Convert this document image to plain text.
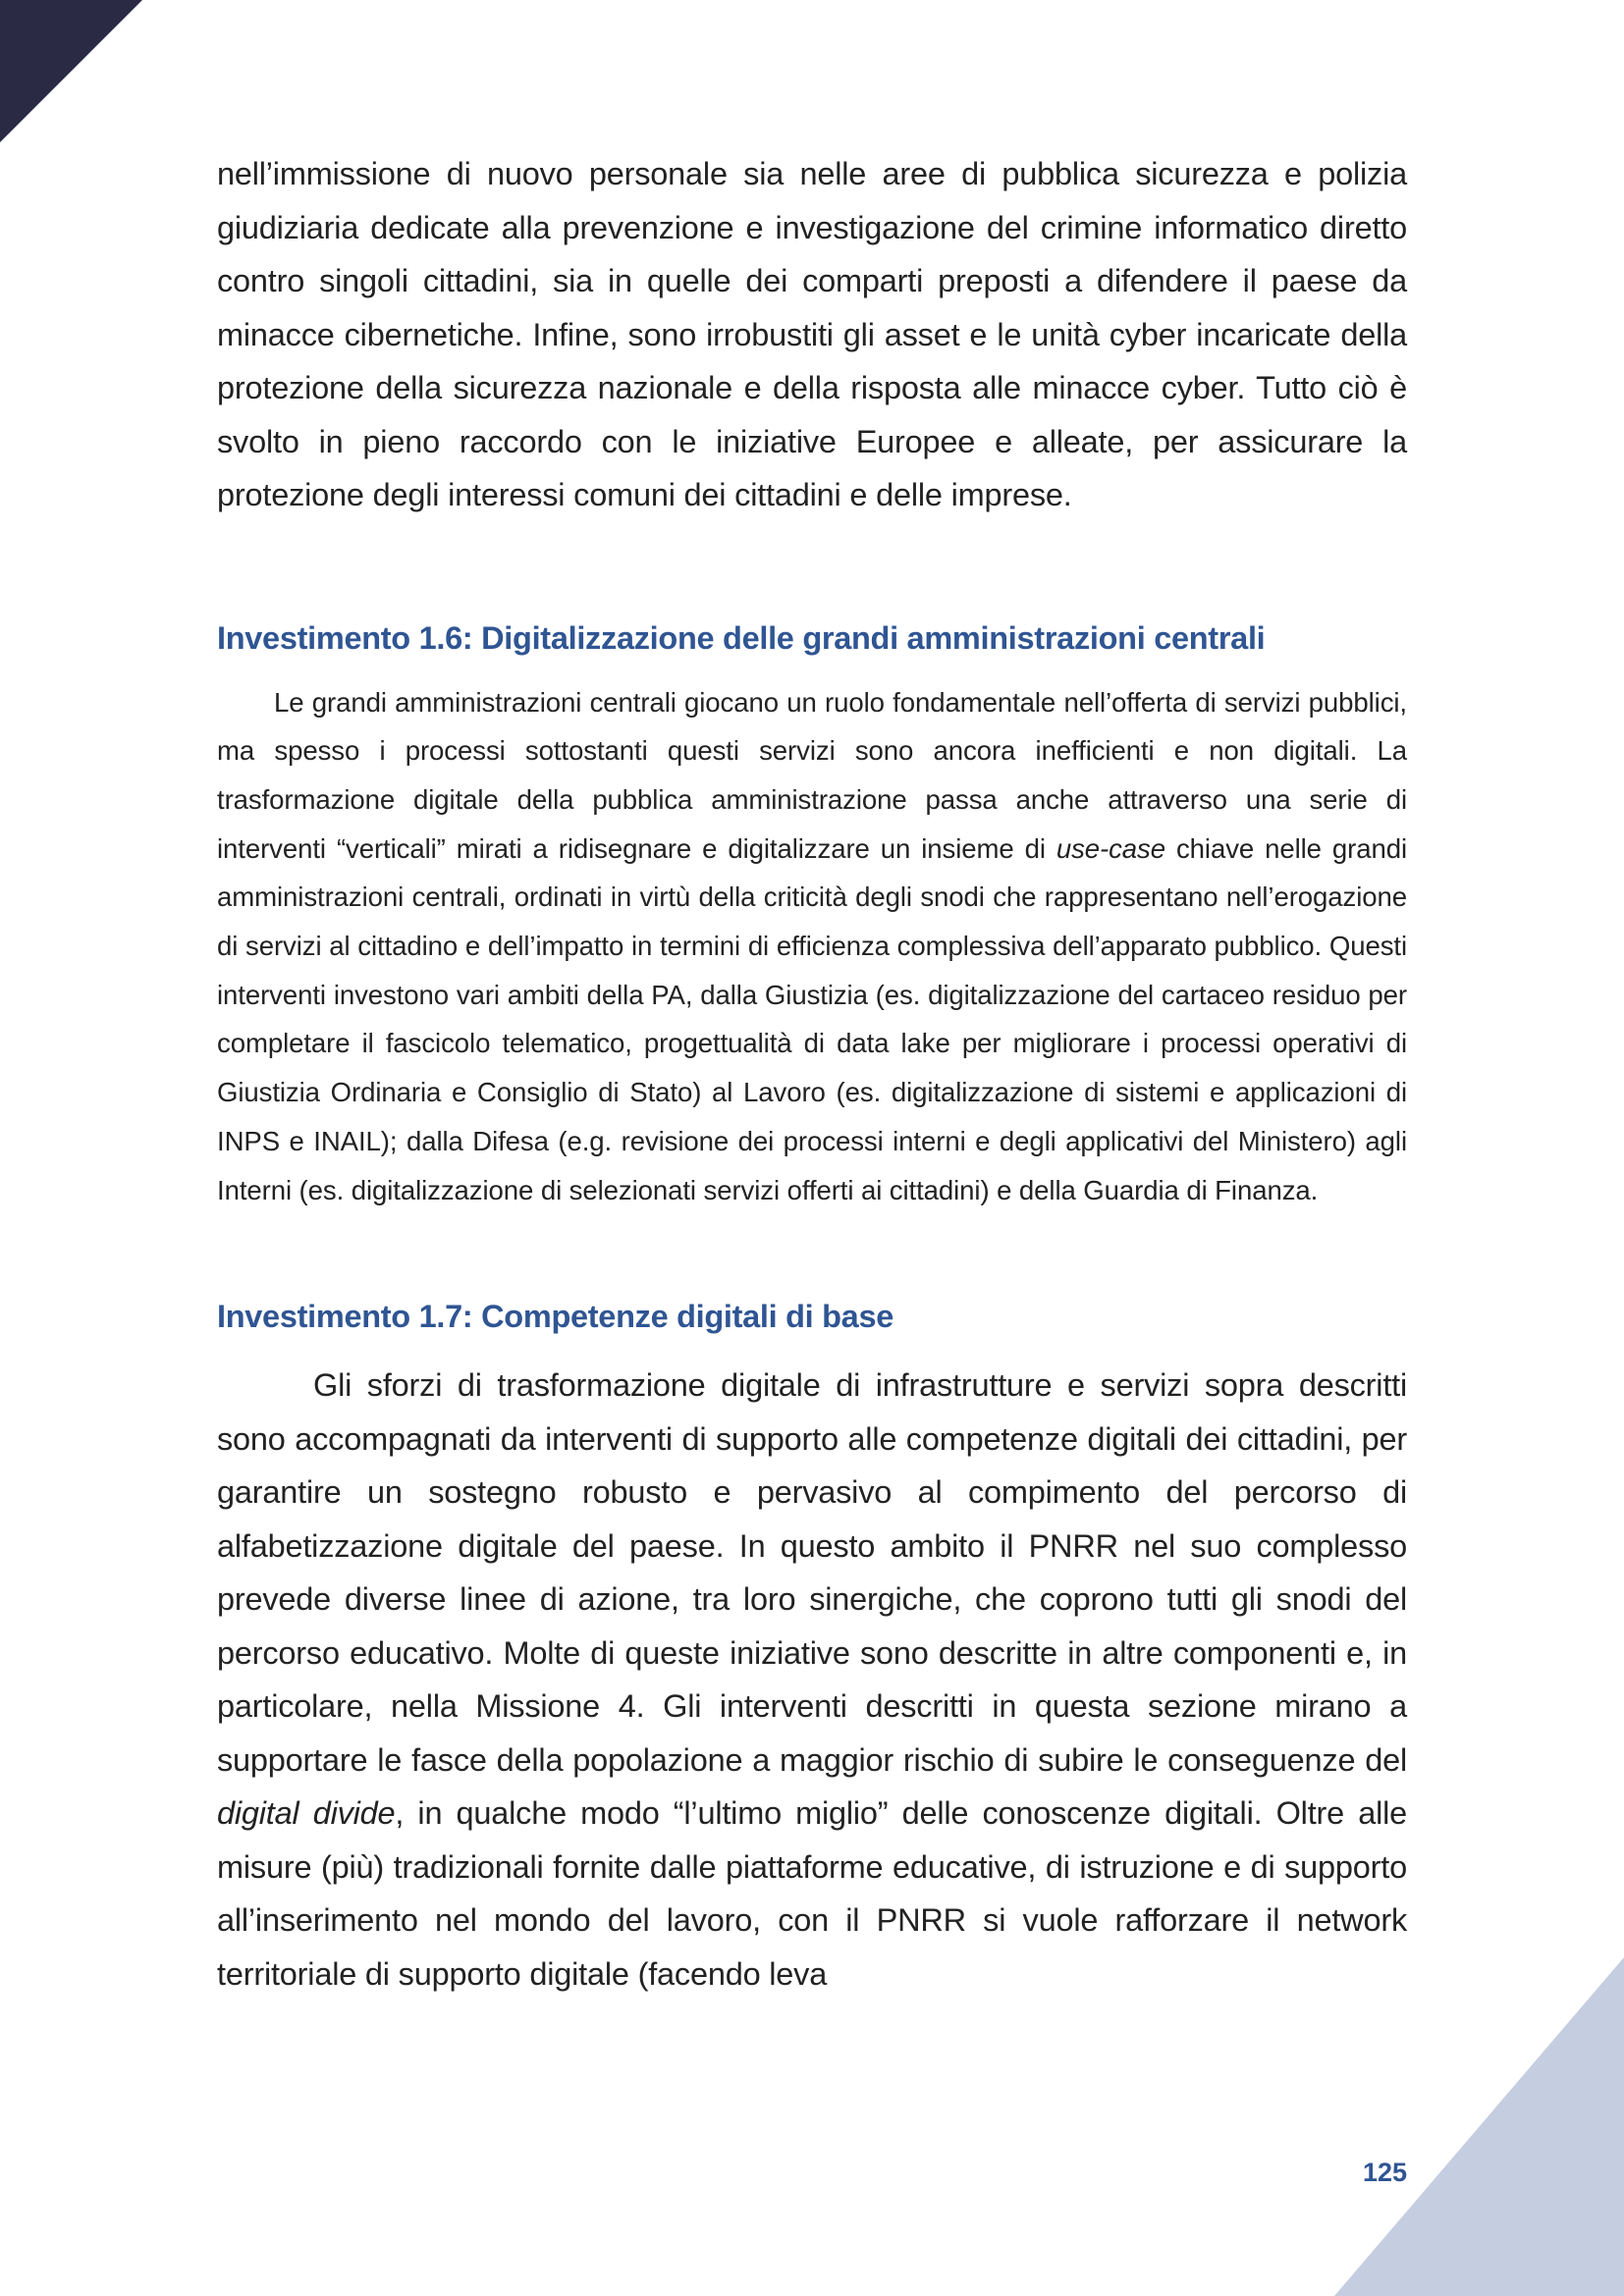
nell’immissione di nuovo personale sia nelle aree di pubblica sicurezza e polizia giudiziaria dedicate alla prevenzione e investigazione del crimine informatico diretto contro singoli cittadini, sia in quelle dei comparti preposti a difendere il paese da minacce cibernetiche. Infine, sono irrobustiti gli asset e le unità cyber incaricate della protezione della sicurezza nazionale e della risposta alle minacce cyber. Tutto ciò è svolto in pieno raccordo con le iniziative Europee e alleate, per assicurare la protezione degli interessi comuni dei cittadini e delle imprese.

Investimento 1.6: Digitalizzazione delle grandi amministrazioni centrali

Le grandi amministrazioni centrali giocano un ruolo fondamentale nell’offerta di servizi pubblici, ma spesso i processi sottostanti questi servizi sono ancora inefficienti e non digitali. La trasformazione digitale della pubblica amministrazione passa anche attraverso una serie di interventi “verticali” mirati a ridisegnare e digitalizzare un insieme di use-case chiave nelle grandi amministrazioni centrali, ordinati in virtù della criticità degli snodi che rappresentano nell’erogazione di servizi al cittadino e dell’impatto in termini di efficienza complessiva dell’apparato pubblico. Questi interventi investono vari ambiti della PA, dalla Giustizia (es. digitalizzazione del cartaceo residuo per completare il fascicolo telematico, progettualità di data lake per migliorare i processi operativi di Giustizia Ordinaria e Consiglio di Stato) al Lavoro (es. digitalizzazione di sistemi e applicazioni di INPS e INAIL); dalla Difesa (e.g. revisione dei processi interni e degli applicativi del Ministero) agli Interni (es. digitalizzazione di selezionati servizi offerti ai cittadini) e della Guardia di Finanza.

Investimento 1.7: Competenze digitali di base

Gli sforzi di trasformazione digitale di infrastrutture e servizi sopra descritti sono accompagnati da interventi di supporto alle competenze digitali dei cittadini, per garantire un sostegno robusto e pervasivo al compimento del percorso di alfabetizzazione digitale del paese. In questo ambito il PNRR nel suo complesso prevede diverse linee di azione, tra loro sinergiche, che coprono tutti gli snodi del percorso educativo. Molte di queste iniziative sono descritte in altre componenti e, in particolare, nella Missione 4. Gli interventi descritti in questa sezione mirano a supportare le fasce della popolazione a maggior rischio di subire le conseguenze del digital divide, in qualche modo “l’ultimo miglio” delle conoscenze digitali. Oltre alle misure (più) tradizionali fornite dalle piattaforme educative, di istruzione e di supporto all’inserimento nel mondo del lavoro, con il PNRR si vuole rafforzare il network territoriale di supporto digitale (facendo leva

125
